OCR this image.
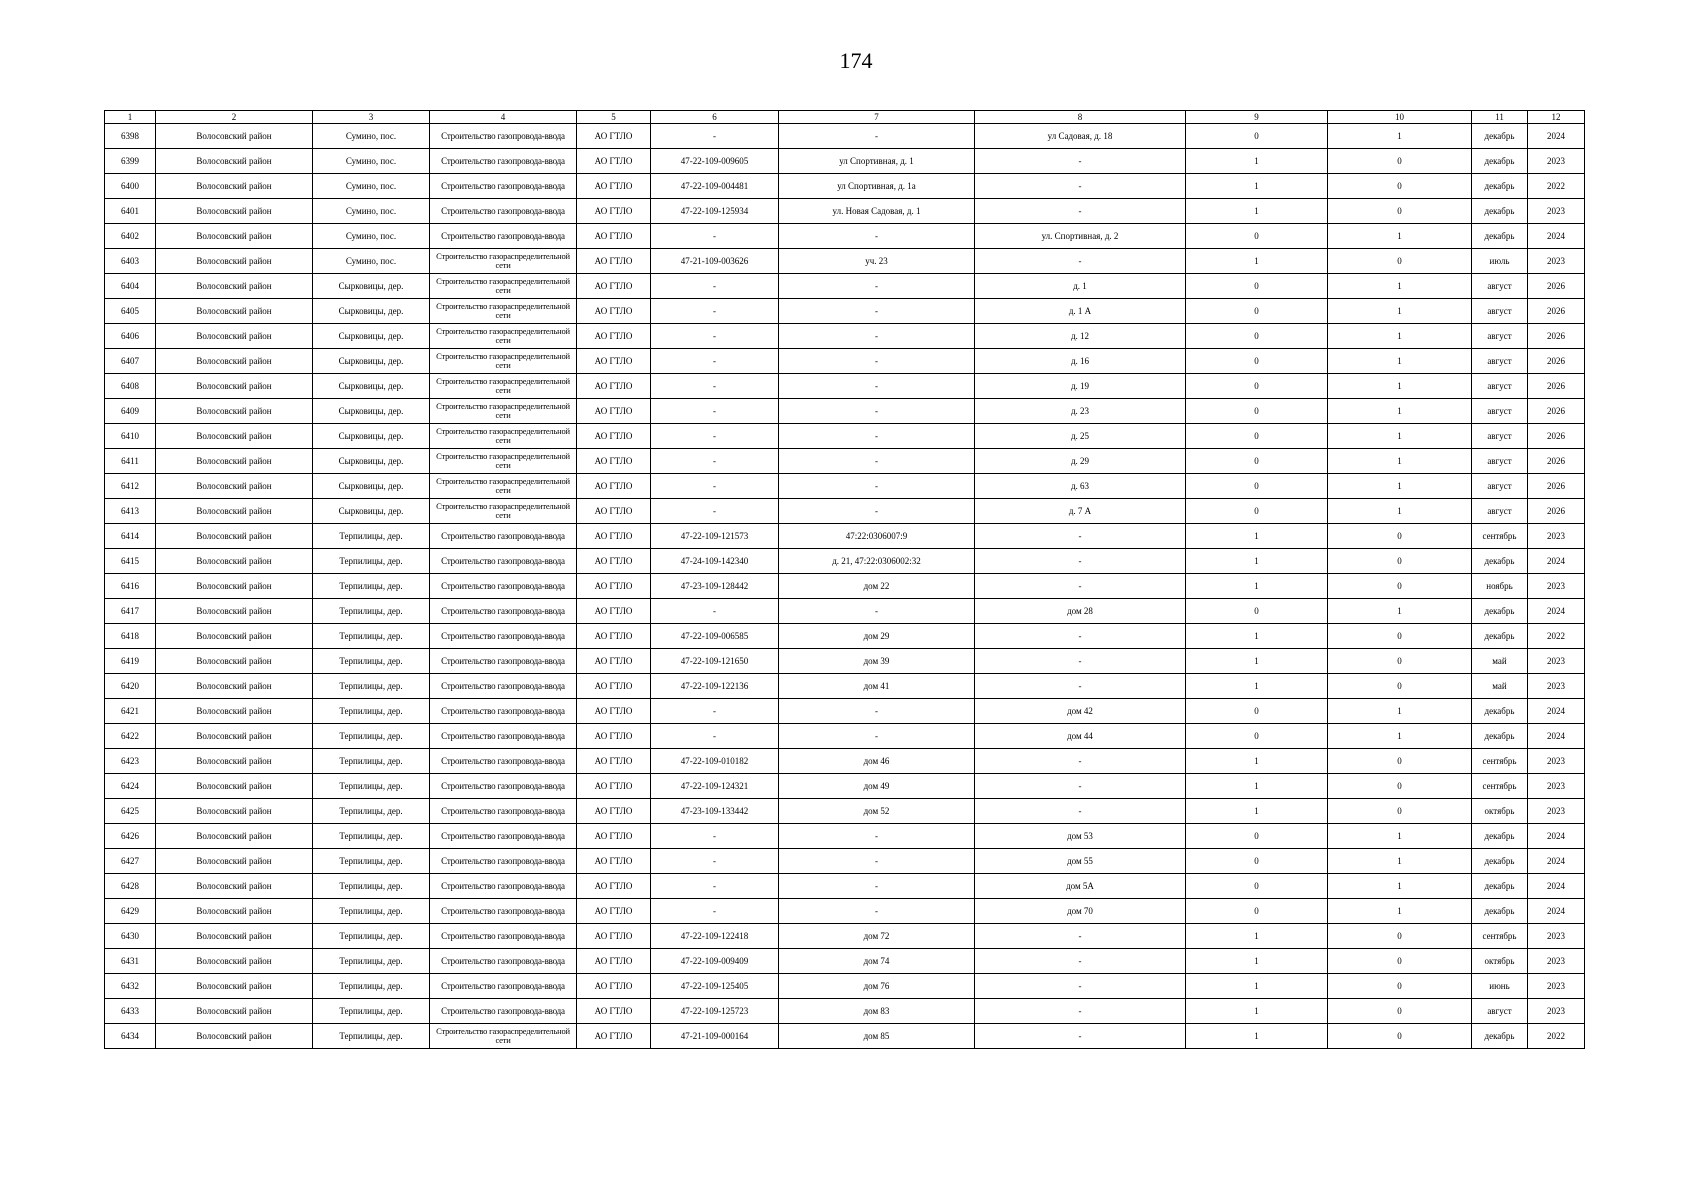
174
1	2	3	4	5	6	7	8	9	10	11	12
6398	Волосовский район	Сумино, пос.	Строительство газопровода-ввода	АО ГТЛО	-	-	ул Садовая, д. 18	0	1	декабрь	2024
6399	Волосовский район	Сумино, пос.	Строительство газопровода-ввода	АО ГТЛО	47-22-109-009605	ул Спортивная, д. 1	-	1	0	декабрь	2023
6400	Волосовский район	Сумино, пос.	Строительство газопровода-ввода	АО ГТЛО	47-22-109-004481	ул Спортивная, д. 1а	-	1	0	декабрь	2022
6401	Волосовский район	Сумино, пос.	Строительство газопровода-ввода	АО ГТЛО	47-22-109-125934	ул. Новая Садовая, д. 1	-	1	0	декабрь	2023
6402	Волосовский район	Сумино, пос.	Строительство газопровода-ввода	АО ГТЛО	-	-	ул. Спортивная, д. 2	0	1	декабрь	2024
6403	Волосовский район	Сумино, пос.	Строительство газораспределительной сети	АО ГТЛО	47-21-109-003626	уч. 23	-	1	0	июль	2023
6404	Волосовский район	Сырковицы, дер.	Строительство газораспределительной сети	АО ГТЛО	-	-	д. 1	0	1	август	2026
6405	Волосовский район	Сырковицы, дер.	Строительство газораспределительной сети	АО ГТЛО	-	-	д. 1 А	0	1	август	2026
6406	Волосовский район	Сырковицы, дер.	Строительство газораспределительной сети	АО ГТЛО	-	-	д. 12	0	1	август	2026
6407	Волосовский район	Сырковицы, дер.	Строительство газораспределительной сети	АО ГТЛО	-	-	д. 16	0	1	август	2026
6408	Волосовский район	Сырковицы, дер.	Строительство газораспределительной сети	АО ГТЛО	-	-	д. 19	0	1	август	2026
6409	Волосовский район	Сырковицы, дер.	Строительство газораспределительной сети	АО ГТЛО	-	-	д. 23	0	1	август	2026
6410	Волосовский район	Сырковицы, дер.	Строительство газораспределительной сети	АО ГТЛО	-	-	д. 25	0	1	август	2026
6411	Волосовский район	Сырковицы, дер.	Строительство газораспределительной сети	АО ГТЛО	-	-	д. 29	0	1	август	2026
6412	Волосовский район	Сырковицы, дер.	Строительство газораспределительной сети	АО ГТЛО	-	-	д. 63	0	1	август	2026
6413	Волосовский район	Сырковицы, дер.	Строительство газораспределительной сети	АО ГТЛО	-	-	д. 7 А	0	1	август	2026
6414	Волосовский район	Терпилицы, дер.	Строительство газопровода-ввода	АО ГТЛО	47-22-109-121573	47:22:0306007:9	-	1	0	сентябрь	2023
6415	Волосовский район	Терпилицы, дер.	Строительство газопровода-ввода	АО ГТЛО	47-24-109-142340	д. 21, 47:22:0306002:32	-	1	0	декабрь	2024
6416	Волосовский район	Терпилицы, дер.	Строительство газопровода-ввода	АО ГТЛО	47-23-109-128442	дом 22	-	1	0	ноябрь	2023
6417	Волосовский район	Терпилицы, дер.	Строительство газопровода-ввода	АО ГТЛО	-	-	дом 28	0	1	декабрь	2024
6418	Волосовский район	Терпилицы, дер.	Строительство газопровода-ввода	АО ГТЛО	47-22-109-006585	дом 29	-	1	0	декабрь	2022
6419	Волосовский район	Терпилицы, дер.	Строительство газопровода-ввода	АО ГТЛО	47-22-109-121650	дом 39	-	1	0	май	2023
6420	Волосовский район	Терпилицы, дер.	Строительство газопровода-ввода	АО ГТЛО	47-22-109-122136	дом 41	-	1	0	май	2023
6421	Волосовский район	Терпилицы, дер.	Строительство газопровода-ввода	АО ГТЛО	-	-	дом 42	0	1	декабрь	2024
6422	Волосовский район	Терпилицы, дер.	Строительство газопровода-ввода	АО ГТЛО	-	-	дом 44	0	1	декабрь	2024
6423	Волосовский район	Терпилицы, дер.	Строительство газопровода-ввода	АО ГТЛО	47-22-109-010182	дом 46	-	1	0	сентябрь	2023
6424	Волосовский район	Терпилицы, дер.	Строительство газопровода-ввода	АО ГТЛО	47-22-109-124321	дом 49	-	1	0	сентябрь	2023
6425	Волосовский район	Терпилицы, дер.	Строительство газопровода-ввода	АО ГТЛО	47-23-109-133442	дом 52	-	1	0	октябрь	2023
6426	Волосовский район	Терпилицы, дер.	Строительство газопровода-ввода	АО ГТЛО	-	-	дом 53	0	1	декабрь	2024
6427	Волосовский район	Терпилицы, дер.	Строительство газопровода-ввода	АО ГТЛО	-	-	дом 55	0	1	декабрь	2024
6428	Волосовский район	Терпилицы, дер.	Строительство газопровода-ввода	АО ГТЛО	-	-	дом 5А	0	1	декабрь	2024
6429	Волосовский район	Терпилицы, дер.	Строительство газопровода-ввода	АО ГТЛО	-	-	дом 70	0	1	декабрь	2024
6430	Волосовский район	Терпилицы, дер.	Строительство газопровода-ввода	АО ГТЛО	47-22-109-122418	дом 72	-	1	0	сентябрь	2023
6431	Волосовский район	Терпилицы, дер.	Строительство газопровода-ввода	АО ГТЛО	47-22-109-009409	дом 74	-	1	0	октябрь	2023
6432	Волосовский район	Терпилицы, дер.	Строительство газопровода-ввода	АО ГТЛО	47-22-109-125405	дом 76	-	1	0	июнь	2023
6433	Волосовский район	Терпилицы, дер.	Строительство газопровода-ввода	АО ГТЛО	47-22-109-125723	дом 83	-	1	0	август	2023
6434	Волосовский район	Терпилицы, дер.	Строительство газораспределительной сети	АО ГТЛО	47-21-109-000164	дом 85	-	1	0	декабрь	2022
